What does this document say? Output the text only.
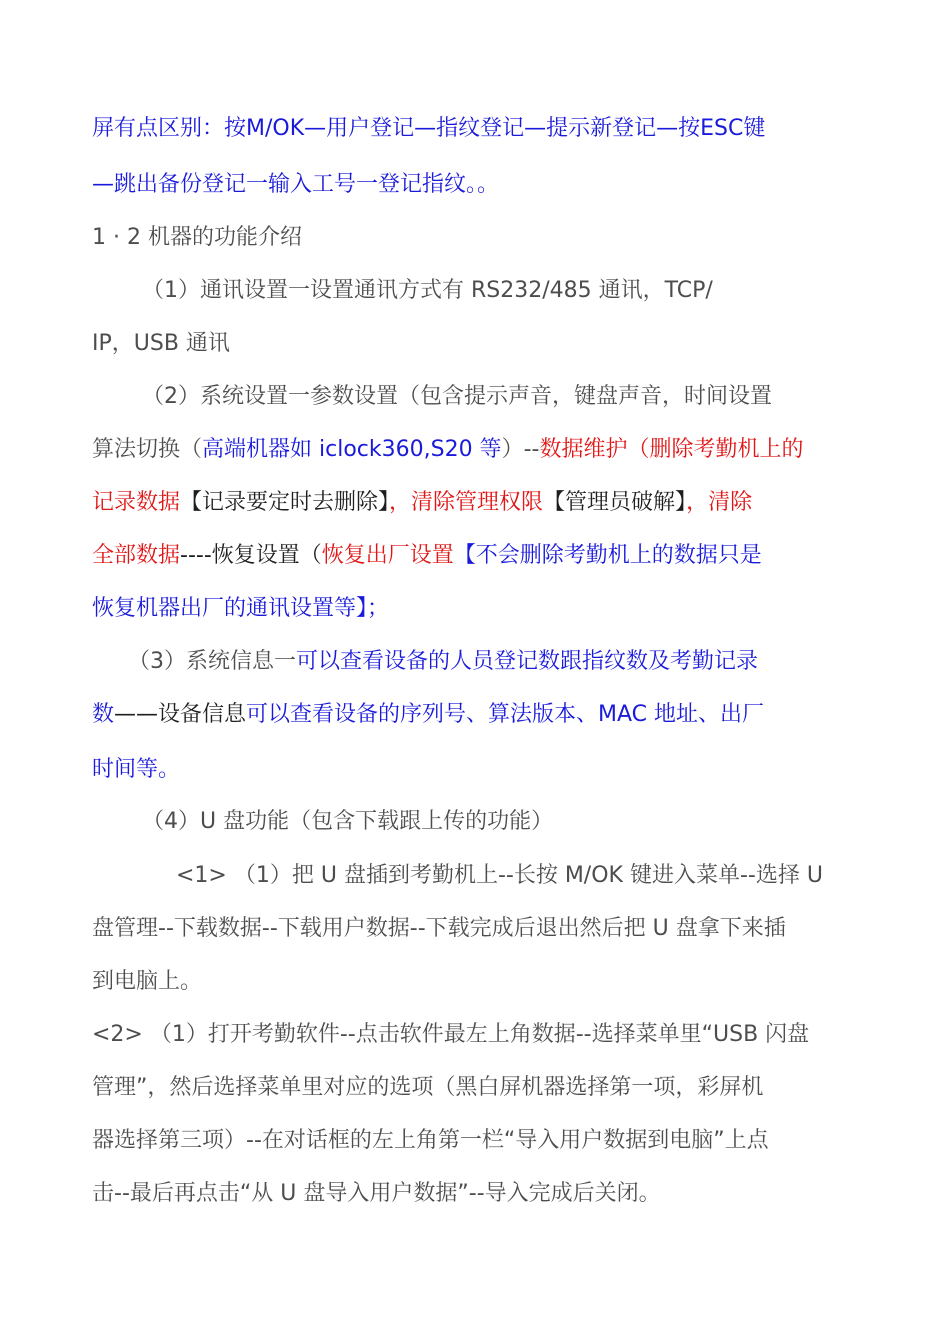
屏有点区别：按M/OK—用户登记—指纹登记—提示新登记—按ESC键
—跳出备份登记一输入工号一登记指纹。。
1 · 2 机器的功能介绍
（1）通讯设置一设置通讯方式有 RS232/485 通讯，TCP/
IP，USB 通讯
（2）系统设置一参数设置（包含提示声音，键盘声音，时间设置
算法切换（高端机器如 iclock360,S20 等）--数据维护（删除考勤机上的
记录数据【记录要定时去删除】，清除管理权限【管理员破解】，清除
全部数据----恢复设置（恢复出厂设置【不会删除考勤机上的数据只是
恢复机器出厂的通讯设置等】；
（3）系统信息一可以查看设备的人员登记数跟指纹数及考勤记录
数——设备信息可以查看设备的序列号、算法版本、MAC 地址、出厂
时间等。
（4）U 盘功能（包含下载跟上传的功能）
<1> （1）把 U 盘插到考勤机上--长按 M/OK 键进入菜单--选择 U
盘管理--下载数据--下载用户数据--下载完成后退出然后把 U 盘拿下来插
到电脑上。
<2> （1）打开考勤软件--点击软件最左上角数据--选择菜单里“USB 闪盘
管理”，然后选择菜单里对应的选项（黑白屏机器选择第一项，彩屏机
器选择第三项）--在对话框的左上角第一栏“导入用户数据到电脑”上点
击--最后再点击“从 U 盘导入用户数据”--导入完成后关闭。
